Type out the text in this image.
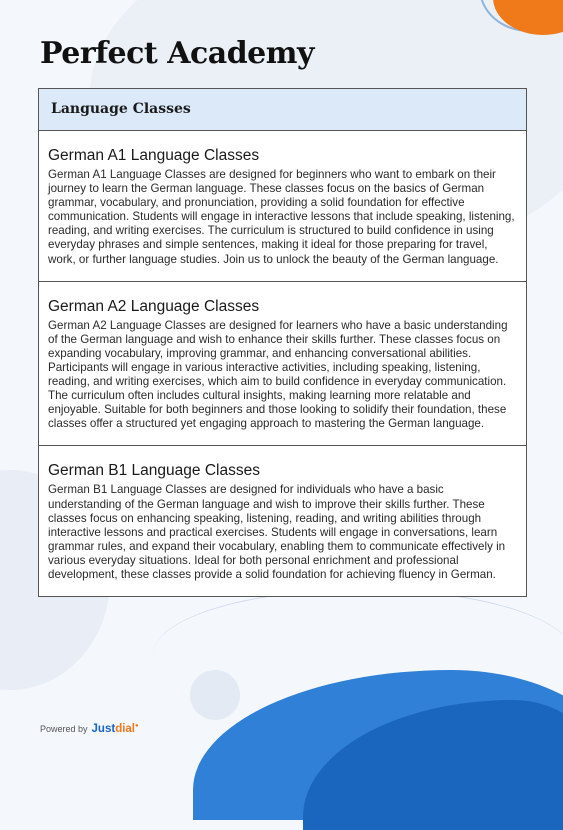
Perfect Academy
Language Classes
German A1 Language Classes

German A1 Language Classes are designed for beginners who want to embark on their journey to learn the German language. These classes focus on the basics of German grammar, vocabulary, and pronunciation, providing a solid foundation for effective communication. Students will engage in interactive lessons that include speaking, listening, reading, and writing exercises. The curriculum is structured to build confidence in using everyday phrases and simple sentences, making it ideal for those preparing for travel, work, or further language studies. Join us to unlock the beauty of the German language.

German A2 Language Classes

German A2 Language Classes are designed for learners who have a basic understanding of the German language and wish to enhance their skills further. These classes focus on expanding vocabulary, improving grammar, and enhancing conversational abilities. Participants will engage in various interactive activities, including speaking, listening, reading, and writing exercises, which aim to build confidence in everyday communication. The curriculum often includes cultural insights, making learning more relatable and enjoyable. Suitable for both beginners and those looking to solidify their foundation, these classes offer a structured yet engaging approach to mastering the German language.

German B1 Language Classes

German B1 Language Classes are designed for individuals who have a basic understanding of the German language and wish to improve their skills further. These classes focus on enhancing speaking, listening, reading, and writing abilities through interactive lessons and practical exercises. Students will engage in conversations, learn grammar rules, and expand their vocabulary, enabling them to communicate effectively in various everyday situations. Ideal for both personal enrichment and professional development, these classes provide a solid foundation for achieving fluency in German.

Powered by Justdial●
